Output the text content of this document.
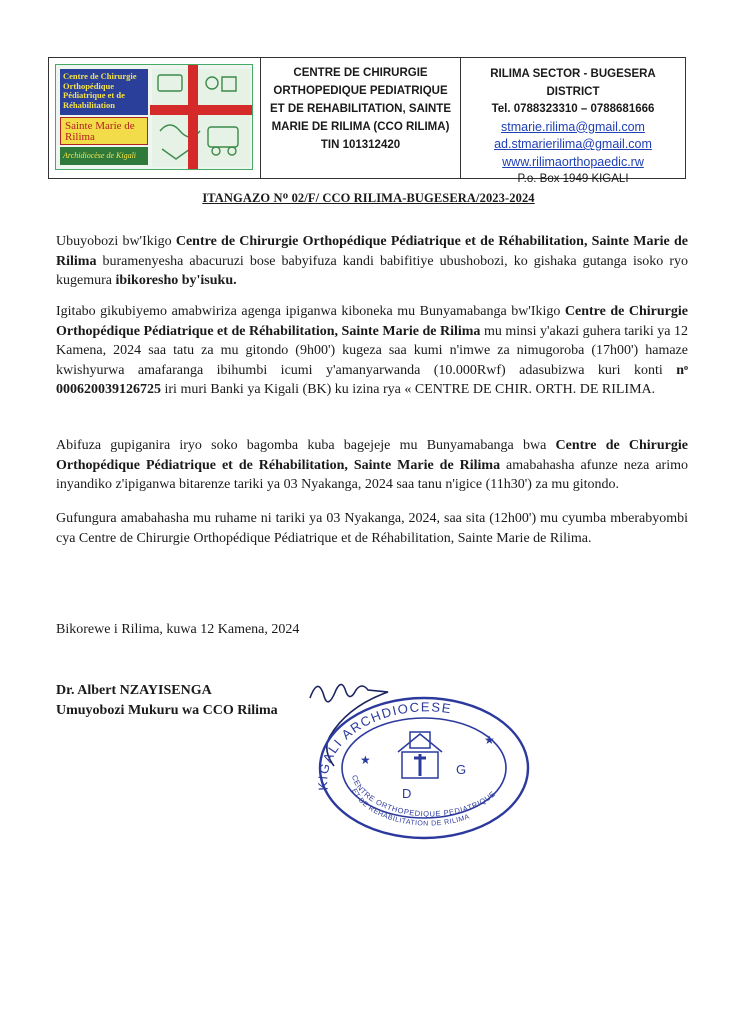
Centre de Chirurgie Orthopédique Pédiatrique et de Réhabilitation
Sainte Marie de Rilima
Archidiocèse de Kigali
CENTRE DE CHIRURGIE
ORTHOPEDIQUE PEDIATRIQUE
ET DE REHABILITATION, SAINTE
MARIE DE RILIMA (CCO RILIMA)
TIN 101312420
RILIMA SECTOR - BUGESERA DISTRICT
Tel. 0788323310 – 0788681666
stmarie.rilima@gmail.com
ad.stmarierilima@gmail.com
www.rilimaorthopaedic.rw
P.o. Box 1949 KIGALI
ITANGAZO Nᴼ 02/F/ CCO RILIMA-BUGESERA/2023-2024
Ubuyobozi bw'Ikigo Centre de Chirurgie Orthopédique Pédiatrique et de Réhabilitation, Sainte Marie de Rilima buramenyesha abacuruzi bose babyifuza kandi babifitiye ubushobozi, ko gishaka gutanga isoko ryo kugemura ibikoresho by'isuku.
Igitabo gikubiyemo amabwiriza agenga ipiganwa kiboneka mu Bunyamabanga bw'Ikigo Centre de Chirurgie Orthopédique Pédiatrique et de Réhabilitation, Sainte Marie de Rilima mu minsi y'akazi guhera tariki ya 12 Kamena, 2024 saa tatu za mu gitondo (9h00') kugeza saa kumi n'imwe za nimugoroba (17h00') hamaze kwishyurwa amafaranga ibihumbi icumi y'amanyarwanda (10.000Rwf) adasubizwa kuri konti nᵒ 000620039126725 iri muri Banki ya Kigali (BK) ku izina rya « CENTRE DE CHIR. ORTH. DE RILIMA.
Abifuza gupiganira iryo soko bagomba kuba bagejeje mu Bunyamabanga bwa Centre de Chirurgie Orthopédique Pédiatrique et de Réhabilitation, Sainte Marie de Rilima amabahasha afunze neza arimo inyandiko z'ipiganwa bitarenze tariki ya 03 Nyakanga, 2024 saa tanu n'igice (11h30') za mu gitondo.
Gufungura amabahasha mu ruhame ni tariki ya 03 Nyakanga, 2024, saa sita (12h00') mu cyumba mberabyombi cya Centre de Chirurgie Orthopédique Pédiatrique et de Réhabilitation, Sainte Marie de Rilima.
Bikorewe i Rilima, kuwa 12 Kamena, 2024
Dr. Albert NZAYISENGA
Umuyobozi Mukuru wa CCO Rilima
KIGALI ARCHDIOCESE
CENTRE ORTHOPEDIQUE PEDIATRIQUE
ET DE REHABILITATION DE RILIMA
D
G
★
★
